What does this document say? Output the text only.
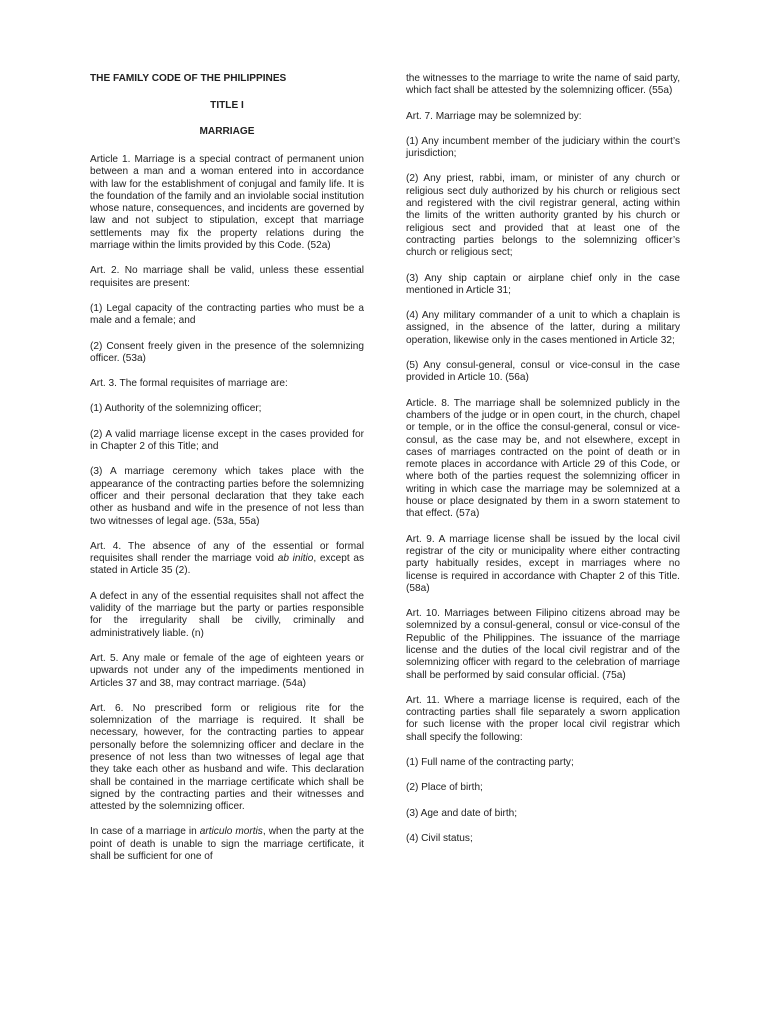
THE FAMILY CODE OF THE PHILIPPINES
TITLE I
MARRIAGE

Article 1. Marriage is a special contract of permanent union between a man and a woman entered into in accordance with law for the establishment of conjugal and family life. It is the foundation of the family and an inviolable social institution whose nature, consequences, and incidents are governed by law and not subject to stipulation, except that marriage settlements may fix the property relations during the marriage within the limits provided by this Code. (52a)

Art. 2. No marriage shall be valid, unless these essential requisites are present:

(1) Legal capacity of the contracting parties who must be a male and a female; and

(2) Consent freely given in the presence of the solemnizing officer. (53a)

Art. 3. The formal requisites of marriage are:

(1) Authority of the solemnizing officer;

(2) A valid marriage license except in the cases provided for in Chapter 2 of this Title; and

(3) A marriage ceremony which takes place with the appearance of the contracting parties before the solemnizing officer and their personal declaration that they take each other as husband and wife in the presence of not less than two witnesses of legal age. (53a, 55a)

Art. 4. The absence of any of the essential or formal requisites shall render the marriage void ab initio, except as stated in Article 35 (2).

A defect in any of the essential requisites shall not affect the validity of the marriage but the party or parties responsible for the irregularity shall be civilly, criminally and administratively liable. (n)

Art. 5. Any male or female of the age of eighteen years or upwards not under any of the impediments mentioned in Articles 37 and 38, may contract marriage. (54a)

Art. 6. No prescribed form or religious rite for the solemnization of the marriage is required. It shall be necessary, however, for the contracting parties to appear personally before the solemnizing officer and declare in the presence of not less than two witnesses of legal age that they take each other as husband and wife. This declaration shall be contained in the marriage certificate which shall be signed by the contracting parties and their witnesses and attested by the solemnizing officer.

In case of a marriage in articulo mortis, when the party at the point of death is unable to sign the marriage certificate, it shall be sufficient for one of

the witnesses to the marriage to write the name of said party, which fact shall be attested by the solemnizing officer. (55a)

Art. 7. Marriage may be solemnized by:

(1) Any incumbent member of the judiciary within the court’s jurisdiction;

(2) Any priest, rabbi, imam, or minister of any church or religious sect duly authorized by his church or religious sect and registered with the civil registrar general, acting within the limits of the written authority granted by his church or religious sect and provided that at least one of the contracting parties belongs to the solemnizing officer’s church or religious sect;

(3) Any ship captain or airplane chief only in the case mentioned in Article 31;

(4) Any military commander of a unit to which a chaplain is assigned, in the absence of the latter, during a military operation, likewise only in the cases mentioned in Article 32;

(5) Any consul-general, consul or vice-consul in the case provided in Article 10. (56a)

Article. 8. The marriage shall be solemnized publicly in the chambers of the judge or in open court, in the church, chapel or temple, or in the office the consul-general, consul or vice-consul, as the case may be, and not elsewhere, except in cases of marriages contracted on the point of death or in remote places in accordance with Article 29 of this Code, or where both of the parties request the solemnizing officer in writing in which case the marriage may be solemnized at a house or place designated by them in a sworn statement to that effect. (57a)

Art. 9. A marriage license shall be issued by the local civil registrar of the city or municipality where either contracting party habitually resides, except in marriages where no license is required in accordance with Chapter 2 of this Title. (58a)

Art. 10. Marriages between Filipino citizens abroad may be solemnized by a consul-general, consul or vice-consul of the Republic of the Philippines. The issuance of the marriage license and the duties of the local civil registrar and of the solemnizing officer with regard to the celebration of marriage shall be performed by said consular official. (75a)

Art. 11. Where a marriage license is required, each of the contracting parties shall file separately a sworn application for such license with the proper local civil registrar which shall specify the following:

(1) Full name of the contracting party;

(2) Place of birth;

(3) Age and date of birth;

(4) Civil status;
